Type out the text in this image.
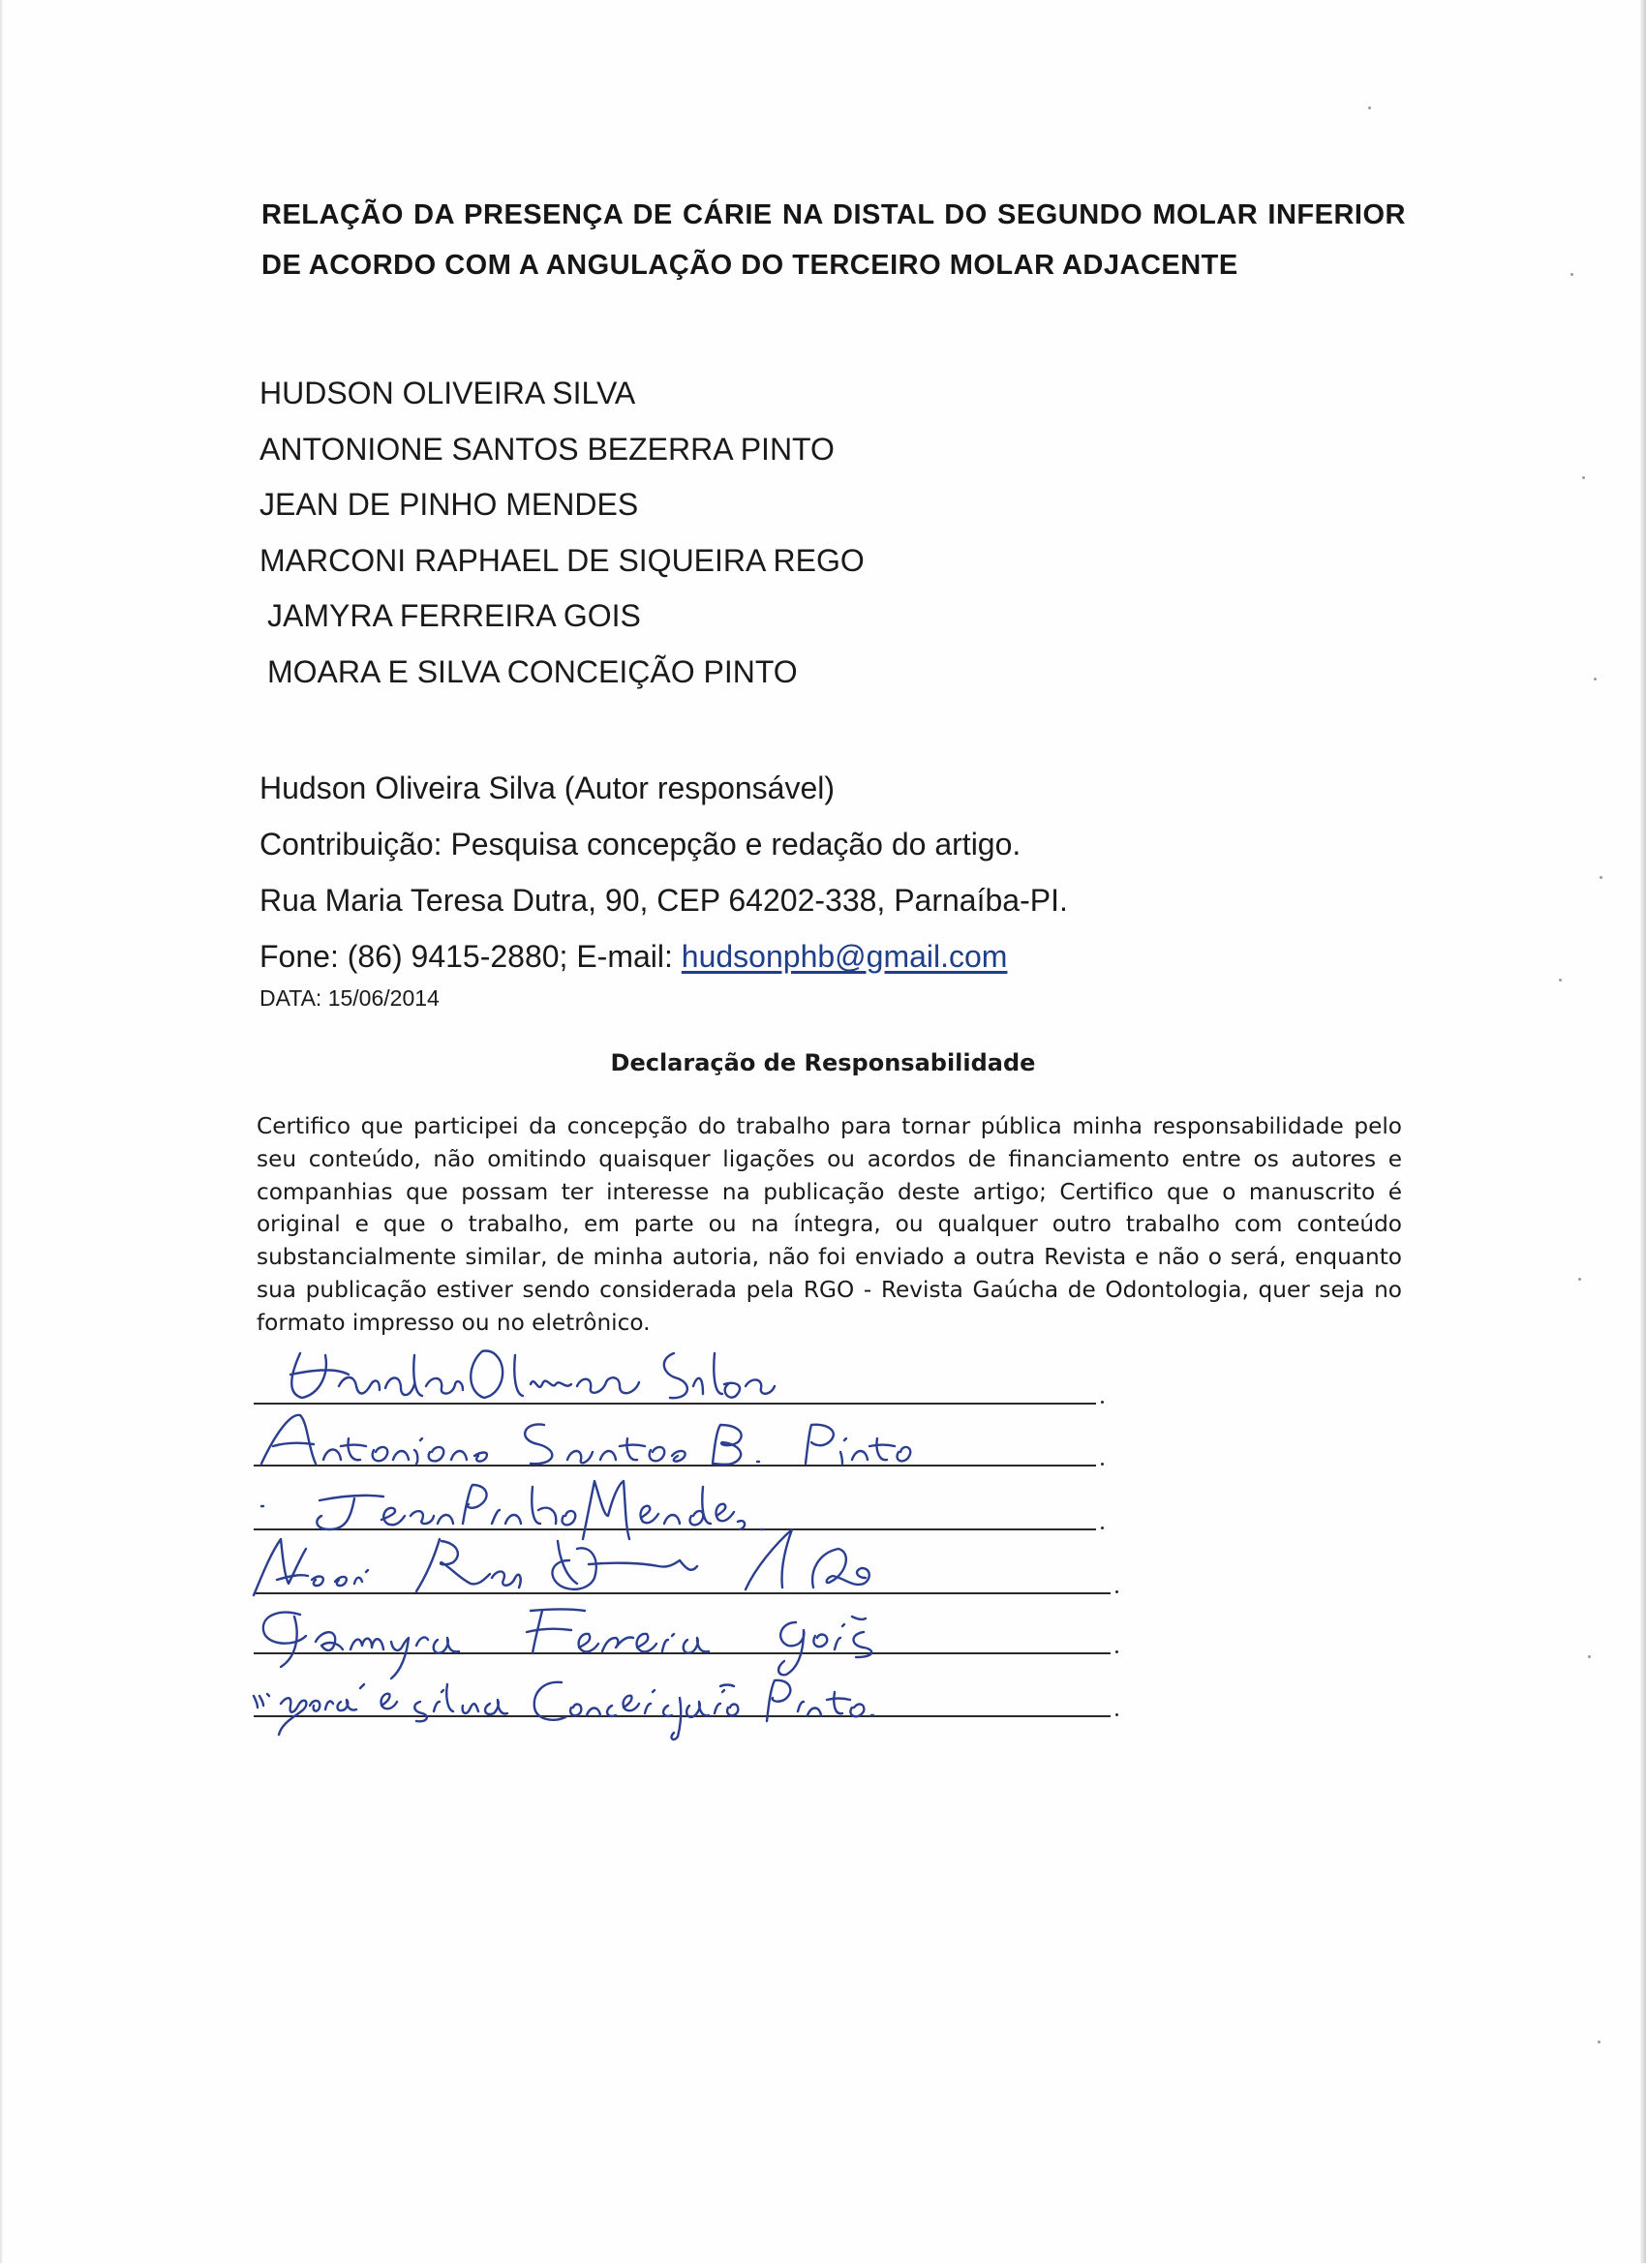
RELAÇÃO DA PRESENÇA DE CÁRIE NA DISTAL DO SEGUNDO MOLAR INFERIOR DE ACORDO COM A ANGULAÇÃO DO TERCEIRO MOLAR ADJACENTE
HUDSON OLIVEIRA SILVA
ANTONIONE SANTOS BEZERRA PINTO
JEAN DE PINHO MENDES
MARCONI RAPHAEL DE SIQUEIRA REGO
JAMYRA FERREIRA GOIS
MOARA E SILVA CONCEIÇÃO PINTO
Hudson Oliveira Silva (Autor responsável)
Contribuição: Pesquisa concepção e redação do artigo.
Rua Maria Teresa Dutra, 90, CEP 64202-338, Parnaíba-PI.
Fone: (86) 9415-2880; E-mail: hudsonphb@gmail.com
DATA: 15/06/2014
Declaração de Responsabilidade
Certifico que participei da concepção do trabalho para tornar pública minha responsabilidade pelo seu conteúdo, não omitindo quaisquer ligações ou acordos de financiamento entre os autores e companhias que possam ter interesse na publicação deste artigo; Certifico que o manuscrito é original e que o trabalho, em parte ou na íntegra, ou qualquer outro trabalho com conteúdo substancialmente similar, de minha autoria, não foi enviado a outra Revista e não o será, enquanto sua publicação estiver sendo considerada pela RGO - Revista Gaúcha de Odontologia, quer seja no formato impresso ou no eletrônico.
